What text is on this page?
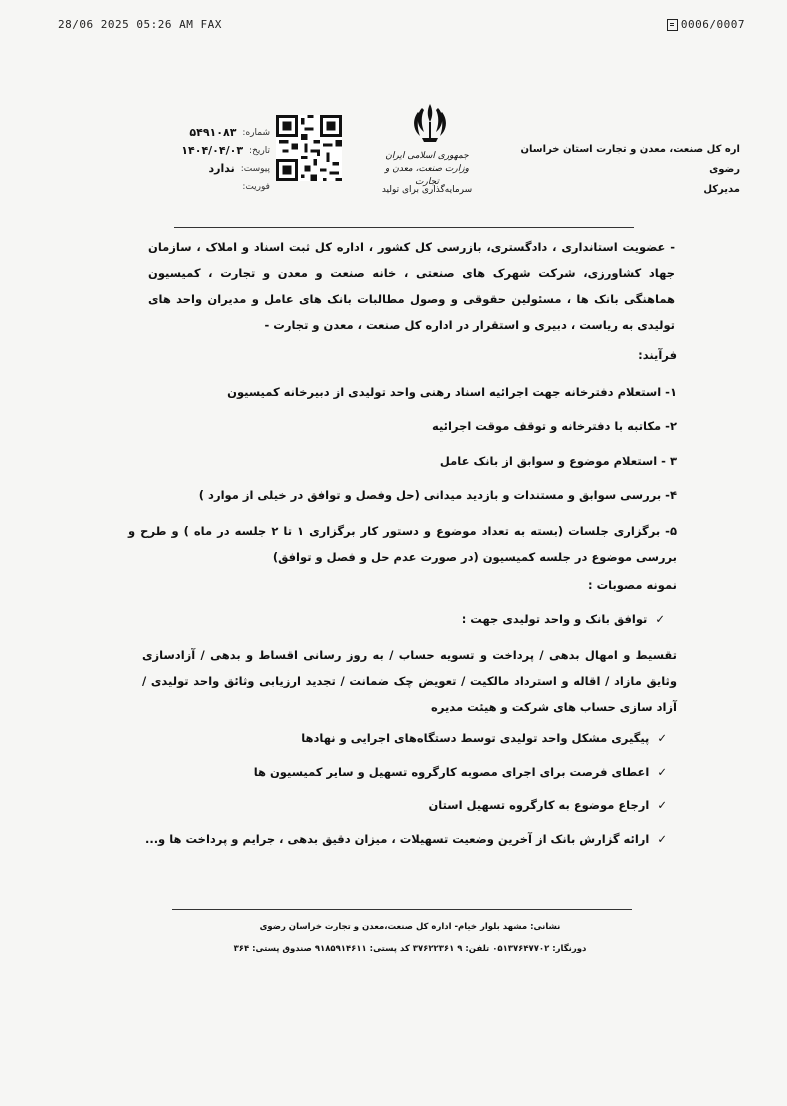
28/06 2025 05:26 AM FAX	0006/0007
اره کل صنعت، معدن و تجارت استان خراسان رضوی
مدیرکل
جمهوری اسلامی ایران
وزارت صنعت، معدن و تجارت
سرمایه‌گذاری برای تولید
شماره:
۵۴۹۱۰۸۳
تاریخ:
۱۴۰۴/۰۴/۰۳
پیوست:
ندارد
فوریت:
- عضویت استانداری ، دادگستری، بازرسی کل کشور ، اداره کل ثبت اسناد و املاک ، سازمان جهاد کشاورزی، شرکت شهرک های صنعتی ، خانه صنعت و معدن و تجارت ، کمیسیون هماهنگی بانک ها ، مسئولین حقوقی و وصول مطالبات بانک های عامل و مدیران واحد های تولیدی به ریاست ، دبیری و استقرار در اداره کل صنعت ، معدن و تجارت -
فرآیند:
۱- استعلام دفترخانه جهت اجرائیه اسناد رهنی واحد تولیدی از دبیرخانه کمیسیون
۲- مکاتبه با دفترخانه و توقف موقت اجرائیه
۳ - استعلام موضوع و سوابق از بانک عامل
۴- بررسی سوابق و مستندات و بازدید میدانی (حل وفصل و توافق در خیلی از موارد )
۵- برگزاری جلسات (بسته به تعداد موضوع و دستور کار برگزاری ۱ تا ۲ جلسه در ماه ) و طرح و بررسی موضوع در جلسه کمیسیون (در صورت عدم حل و فصل و توافق)
نمونه مصوبات :
✓توافق بانک و واحد تولیدی جهت :
تقسیط و امهال بدهی / پرداخت و تسویه حساب / به روز رسانی اقساط و بدهی / آزادسازی وثایق مازاد / اقاله و استرداد مالکیت / تعویض چک ضمانت / تجدید ارزیابی وثائق واحد تولیدی / آزاد سازی حساب های شرکت و هیئت مدیره
✓پیگیری مشکل واحد تولیدی توسط دستگاه‌های اجرایی و نهادها
✓اعطای فرصت برای اجرای مصوبه کارگروه تسهیل و سایر کمیسیون ها
✓ارجاع موضوع به کارگروه تسهیل استان
✓ارائه گزارش بانک از آخرین وضعیت تسهیلات ، میزان دقیق بدهی ، جرایم و پرداخت ها و...
نشانی: مشهد بلوار خیام- اداره کل صنعت،معدن و تجارت خراسان رضوی
دورنگار: ۰۵۱۳۷۶۴۷۷۰۲ تلفن: ۹ ۳۷۶۲۲۳۶۱ کد پستی: ۹۱۸۵۹۱۴۶۱۱ صندوق پستی: ۳۶۴
